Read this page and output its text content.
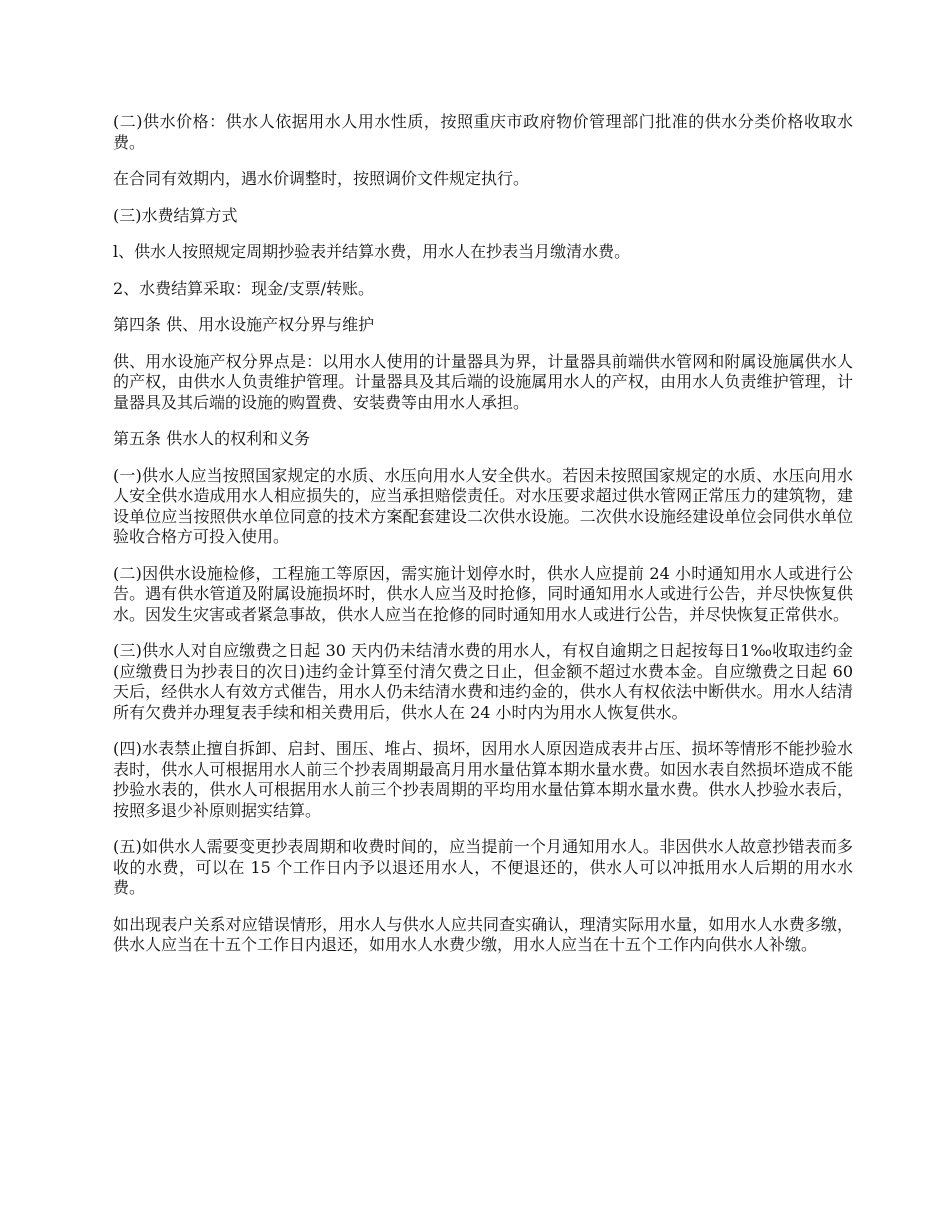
(二)供水价格：供水人依据用水人用水性质，按照重庆市政府物价管理部门批准的供水分类价格收取水费。

在合同有效期内，遇水价调整时，按照调价文件规定执行。

(三)水费结算方式

l、供水人按照规定周期抄验表并结算水费，用水人在抄表当月缴清水费。

2、水费结算采取：现金/支票/转账。

第四条 供、用水设施产权分界与维护

供、用水设施产权分界点是：以用水人使用的计量器具为界，计量器具前端供水管网和附属设施属供水人的产权，由供水人负责维护管理。计量器具及其后端的设施属用水人的产权，由用水人负责维护管理，计量器具及其后端的设施的购置费、安装费等由用水人承担。

第五条 供水人的权利和义务

(一)供水人应当按照国家规定的水质、水压向用水人安全供水。若因未按照国家规定的水质、水压向用水人安全供水造成用水人相应损失的，应当承担赔偿责任。对水压要求超过供水管网正常压力的建筑物，建设单位应当按照供水单位同意的技术方案配套建设二次供水设施。二次供水设施经建设单位会同供水单位验收合格方可投入使用。

(二)因供水设施检修，工程施工等原因，需实施计划停水时，供水人应提前 24 小时通知用水人或进行公告。遇有供水管道及附属设施损坏时，供水人应当及时抢修，同时通知用水人或进行公告，并尽快恢复供水。因发生灾害或者紧急事故，供水人应当在抢修的同时通知用水人或进行公告，并尽快恢复正常供水。

(三)供水人对自应缴费之日起 30 天内仍未结清水费的用水人，有权自逾期之日起按每日1‰收取违约金(应缴费日为抄表日的次日)违约金计算至付清欠费之日止，但金额不超过水费本金。自应缴费之日起 60 天后，经供水人有效方式催告，用水人仍未结清水费和违约金的，供水人有权依法中断供水。用水人结清所有欠费并办理复表手续和相关费用后，供水人在 24 小时内为用水人恢复供水。

(四)水表禁止擅自拆卸、启封、围压、堆占、损坏，因用水人原因造成表井占压、损坏等情形不能抄验水表时，供水人可根据用水人前三个抄表周期最高月用水量估算本期水量水费。如因水表自然损坏造成不能抄验水表的，供水人可根据用水人前三个抄表周期的平均用水量估算本期水量水费。供水人抄验水表后，按照多退少补原则据实结算。

(五)如供水人需要变更抄表周期和收费时间的，应当提前一个月通知用水人。非因供水人故意抄错表而多收的水费，可以在 15 个工作日内予以退还用水人，不便退还的，供水人可以冲抵用水人后期的用水水费。

如出现表户关系对应错误情形，用水人与供水人应共同查实确认，理清实际用水量，如用水人水费多缴，供水人应当在十五个工作日内退还，如用水人水费少缴，用水人应当在十五个工作内向供水人补缴。
